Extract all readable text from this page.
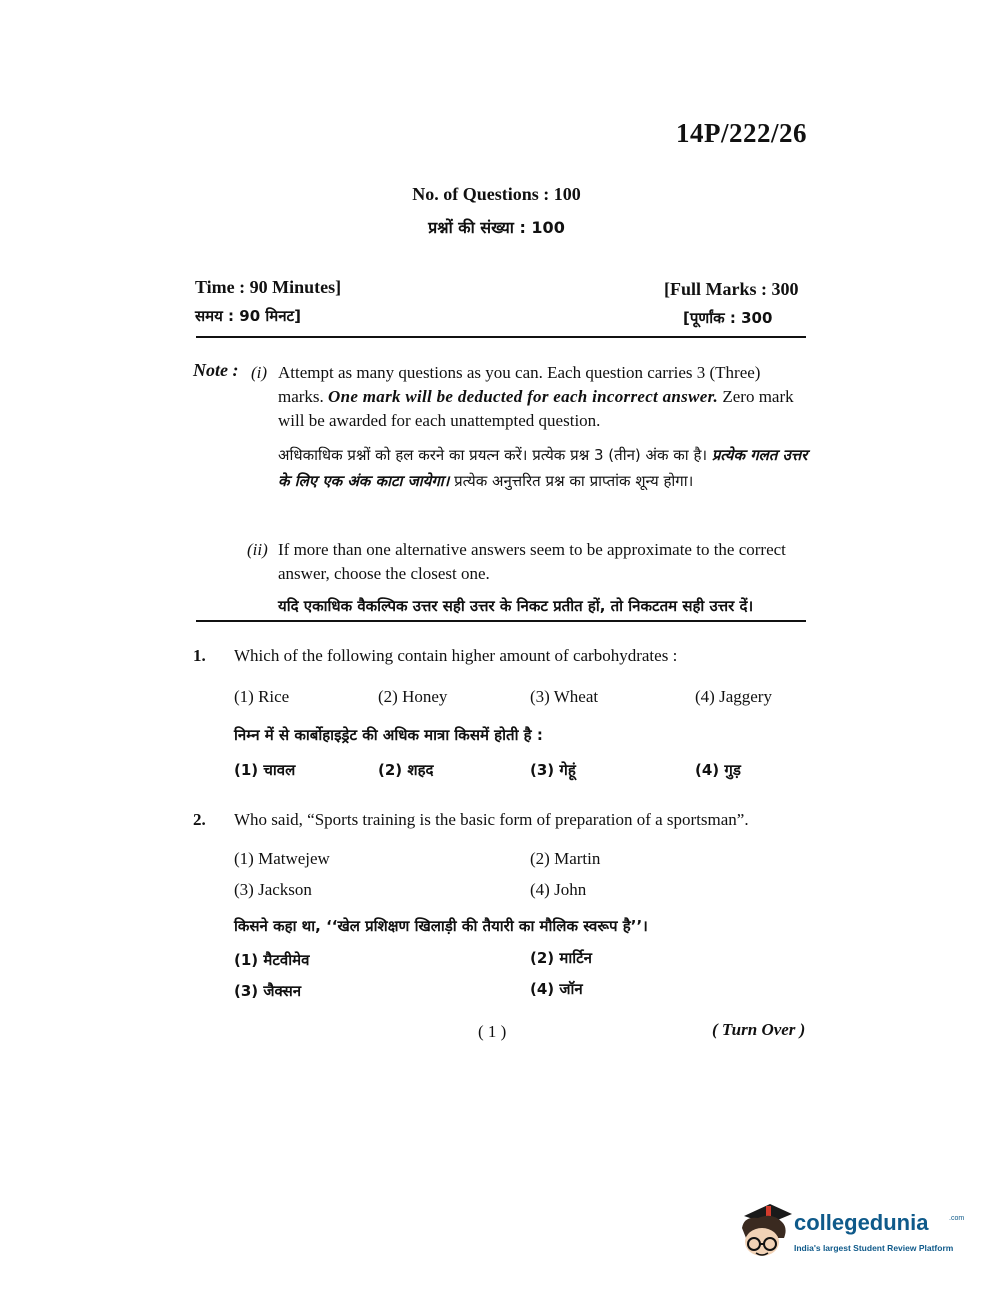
14P/222/26
No. of Questions : 100
प्रश्नों की संख्या : 100
Time : 90 Minutes]
समय : 90 मिनट]
[Full Marks : 300
[पूर्णांक : 300
Note : (i) Attempt as many questions as you can. Each question carries 3 (Three) marks. One mark will be deducted for each incorrect answer. Zero mark will be awarded for each unattempted question.
अधिकाधिक प्रश्नों को हल करने का प्रयत्न करें। प्रत्येक प्रश्न 3 (तीन) अंक का है। प्रत्येक गलत उत्तर के लिए एक अंक काटा जायेगा। प्रत्येक अनुत्तरित प्रश्न का प्राप्तांक शून्य होगा।
(ii) If more than one alternative answers seem to be approximate to the correct answer, choose the closest one.
यदि एकाधिक वैकल्पिक उत्तर सही उत्तर के निकट प्रतीत हों, तो निकटतम सही उत्तर दें।
1. Which of the following contain higher amount of carbohydrates :
(1) Rice	(2) Honey	(3) Wheat	(4) Jaggery
निम्न में से कार्बोहाइड्रेट की अधिक मात्रा किसमें होती है :
(1) चावल	(2) शहद	(3) गेहूं	(4) गुड़
2. Who said, “Sports training is the basic form of preparation of a sportsman”.
(1) Matwejew	(2) Martin
(3) Jackson	(4) John
किसने कहा था, ‘‘खेल प्रशिक्षण खिलाड़ी की तैयारी का मौलिक स्वरूप है’’।
(1) मैटवीमेव	(2) मार्टिन
(3) जैक्सन	(4) जॉन
( 1 )	( Turn Over )
collegedunia	.com
India's largest Student Review Platform
